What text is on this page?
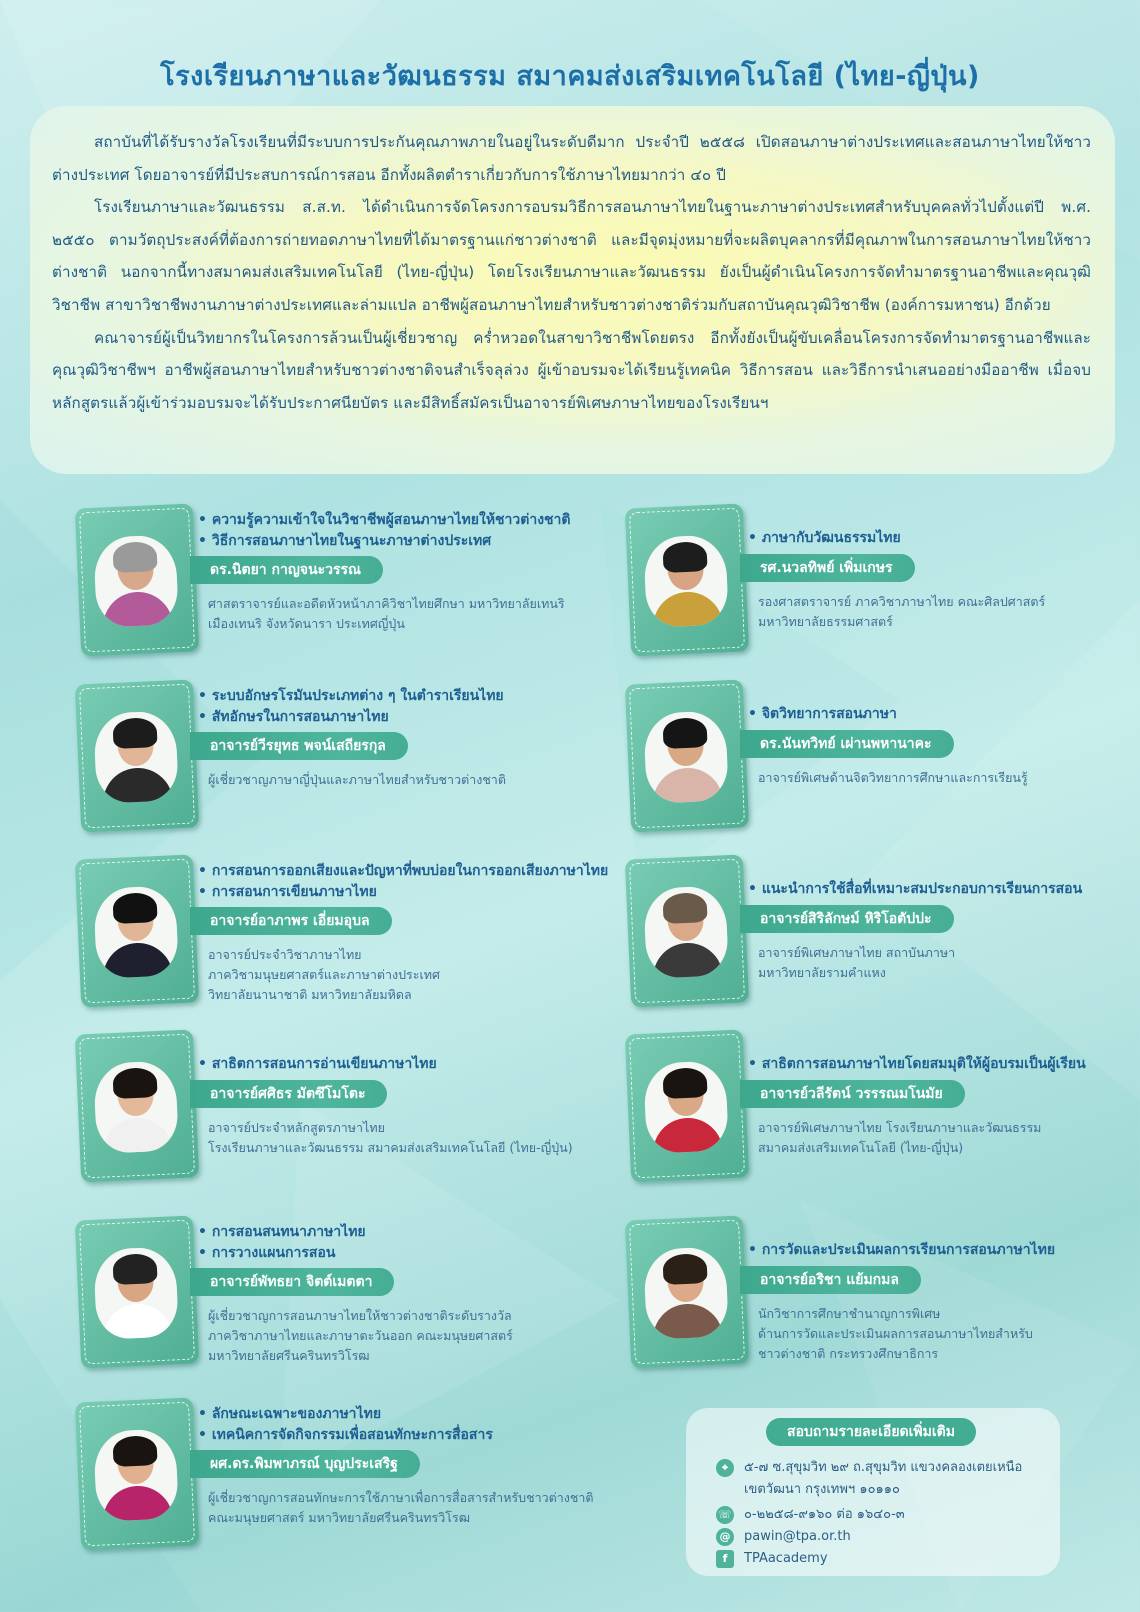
โรงเรียนภาษาและวัฒนธรรม สมาคมส่งเสริมเทคโนโลยี (ไทย-ญี่ปุ่น)

สถาบันที่ได้รับรางวัลโรงเรียนที่มีระบบการประกันคุณภาพภายในอยู่ในระดับดีมาก ประจำปี ๒๕๕๘ เปิดสอนภาษาต่างประเทศและสอนภาษาไทยให้ชาวต่างประเทศ โดยอาจารย์ที่มีประสบการณ์การสอน อีกทั้งผลิตตำราเกี่ยวกับการใช้ภาษาไทยมากว่า ๔๐ ปี

โรงเรียนภาษาและวัฒนธรรม ส.ส.ท. ได้ดำเนินการจัดโครงการอบรมวิธีการสอนภาษาไทยในฐานะภาษาต่างประเทศสำหรับบุคคลทั่วไปตั้งแต่ปี พ.ศ. ๒๕๕๐ ตามวัตถุประสงค์ที่ต้องการถ่ายทอดภาษาไทยที่ได้มาตรฐานแก่ชาวต่างชาติ และมีจุดมุ่งหมายที่จะผลิตบุคลากรที่มีคุณภาพในการสอนภาษาไทยให้ชาวต่างชาติ นอกจากนี้ทางสมาคมส่งเสริมเทคโนโลยี (ไทย-ญี่ปุ่น) โดยโรงเรียนภาษาและวัฒนธรรม ยังเป็นผู้ดำเนินโครงการจัดทำมาตรฐานอาชีพและคุณวุฒิวิชาชีพ สาขาวิชาชีพงานภาษาต่างประเทศและล่ามแปล อาชีพผู้สอนภาษาไทยสำหรับชาวต่างชาติร่วมกับสถาบันคุณวุฒิวิชาชีพ (องค์การมหาชน) อีกด้วย

คณาจารย์ผู้เป็นวิทยากรในโครงการล้วนเป็นผู้เชี่ยวชาญ คร่ำหวอดในสาขาวิชาชีพโดยตรง อีกทั้งยังเป็นผู้ขับเคลื่อนโครงการจัดทำมาตรฐานอาชีพและคุณวุฒิวิชาชีพฯ อาชีพผู้สอนภาษาไทยสำหรับชาวต่างชาติจนสำเร็จลุล่วง ผู้เข้าอบรมจะได้เรียนรู้เทคนิค วิธีการสอน และวิธีการนำเสนออย่างมืออาชีพ เมื่อจบหลักสูตรแล้วผู้เข้าร่วมอบรมจะได้รับประกาศนียบัตร และมีสิทธิ์สมัครเป็นอาจารย์พิเศษภาษาไทยของโรงเรียนฯ

• ความรู้ความเข้าใจในวิชาชีพผู้สอนภาษาไทยให้ชาวต่างชาติ
• วิธีการสอนภาษาไทยในฐานะภาษาต่างประเทศ
ดร.นิตยา กาญจนะวรรณ
ศาสตราจารย์และอดีตหัวหน้าภาคิวิชาไทยศึกษา มหาวิทยาลัยเทนริ
เมืองเทนริ จังหวัดนารา ประเทศญี่ปุ่น
• ภาษากับวัฒนธรรมไทย
รศ.นวลทิพย์ เพิ่มเกษร
รองศาสตราจารย์ ภาควิชาภาษาไทย คณะศิลปศาสตร์
มหาวิทยาลัยธรรมศาสตร์
• ระบบอักษรโรมันประเภทต่าง ๆ ในตำราเรียนไทย
• สัทอักษรในการสอนภาษาไทย
อาจารย์วีรยุทธ พจน์เสถียรกุล
ผู้เชี่ยวชาญภาษาญี่ปุ่นและภาษาไทยสำหรับชาวต่างชาติ
• จิตวิทยาการสอนภาษา
ดร.นันทวิทย์ เผ่านพหานาคะ
อาจารย์พิเศษด้านจิตวิทยาการศึกษาและการเรียนรู้
• การสอนการออกเสียงและปัญหาที่พบบ่อยในการออกเสียงภาษาไทย
• การสอนการเขียนภาษาไทย
อาจารย์อาภาพร เอี่ยมอุบล
อาจารย์ประจำวิชาภาษาไทย
ภาควิชามนุษยศาสตร์และภาษาต่างประเทศ
วิทยาลัยนานาชาติ มหาวิทยาลัยมหิดล
• แนะนำการใช้สื่อที่เหมาะสมประกอบการเรียนการสอน
อาจารย์สิริลักษม์ หิริโอตัปปะ
อาจารย์พิเศษภาษาไทย สถาบันภาษา
มหาวิทยาลัยรามคำแหง
• สาธิตการสอนการอ่านเขียนภาษาไทย
อาจารย์ศศิธร มัตซึโมโตะ
อาจารย์ประจำหลักสูตรภาษาไทย
โรงเรียนภาษาและวัฒนธรรม สมาคมส่งเสริมเทคโนโลยี (ไทย-ญี่ปุ่น)
• สาธิตการสอนภาษาไทยโดยสมมุติให้ผู้อบรมเป็นผู้เรียน
อาจารย์วลีรัตน์ วรรรณมโนมัย
อาจารย์พิเศษภาษาไทย โรงเรียนภาษาและวัฒนธรรม
สมาคมส่งเสริมเทคโนโลยี (ไทย-ญี่ปุ่น)
• การสอนสนทนาภาษาไทย
• การวางแผนการสอน
อาจารย์พัทธยา จิตต์เมตตา
ผู้เชี่ยวชาญการสอนภาษาไทยให้ชาวต่างชาติระดับรางวัล
ภาควิชาภาษาไทยและภาษาตะวันออก คณะมนุษยศาสตร์
มหาวิทยาลัยศรีนครินทรวิโรฒ
• การวัดและประเมินผลการเรียนการสอนภาษาไทย
อาจารย์อริชา แย้มกมล
นักวิชาการศึกษาชำนาญการพิเศษ
ด้านการวัดและประเมินผลการสอนภาษาไทยสำหรับ
ชาวต่างชาติ กระทรวงศึกษาธิการ
• ลักษณะเฉพาะของภาษาไทย
• เทคนิคการจัดกิจกรรมเพื่อสอนทักษะการสื่อสาร
ผศ.ดร.พิมพาภรณ์ บุญประเสริฐ
ผู้เชี่ยวชาญการสอนทักษะการใช้ภาษาเพื่อการสื่อสารสำหรับชาวต่างชาติ
คณะมนุษยศาสตร์ มหาวิทยาลัยศรีนครินทรวิโรฒ
สอบถามรายละเอียดเพิ่มเติม
⌖	๕-๗ ซ.สุขุมวิท ๒๙ ถ.สุขุมวิท แขวงคลองเตยเหนือ
เขตวัฒนา กรุงเทพฯ ๑๐๑๑๐
☏ ๐-๒๒๕๘-๙๑๖๐ ต่อ ๑๖๔๐-๓
@ pawin@tpa.or.th
f	TPAacademy
